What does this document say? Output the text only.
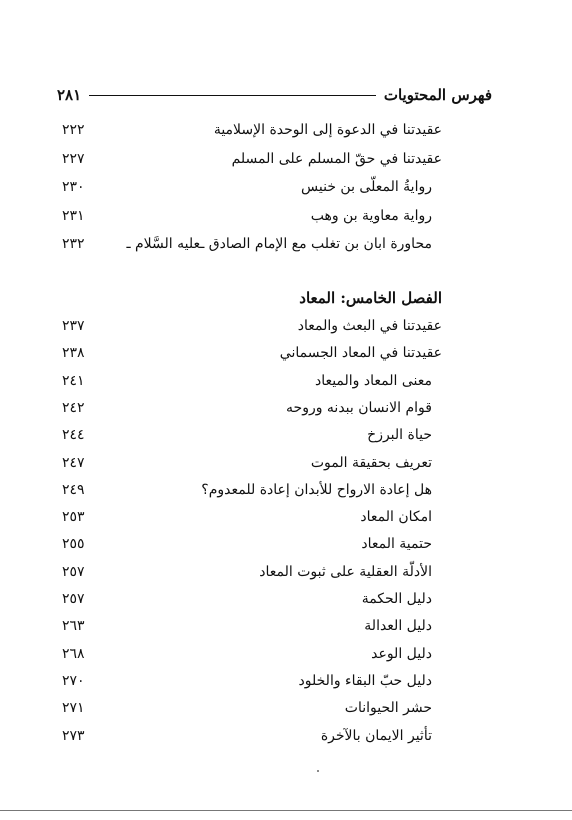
فهرس المحتويات
٢٨١
عقيدتنا في الدعوة إلى الوحدة الإسلامية
٢٢٢
عقيدتنا في حقّ المسلم على المسلم
٢٢٧
روايةُ المعلّى بن خنيس
٢٣٠
رواية معاوية بن وهب
٢٣١
محاورة ابان بن تغلب مع الإمام الصادق ـعليه السَّلام ـ
٢٣٢
الفصل الخامس: المعاد
عقيدتنا في البعث والمعاد
٢٣٧
عقيدتنا في المعاد الجسماني
٢٣٨
معنى المعاد والميعاد
٢٤١
قوام الانسان ببدنه وروحه
٢٤٢
حياة البرزخ
٢٤٤
تعريف بحقيقة الموت
٢٤٧
هل إعادة الارواح للأبدان إعادة للمعدوم؟
٢٤٩
امكان المعاد
٢٥٣
حتمية المعاد
٢٥٥
الأدلّة العقلية على ثبوت المعاد
٢٥٧
دليل الحكمة
٢٥٧
دليل العدالة
٢٦٣
دليل الوعد
٢٦٨
دليل حبّ البقاء والخلود
٢٧٠
حشر الحيوانات
٢٧١
تأثير الايمان بالآخرة
٢٧٣
